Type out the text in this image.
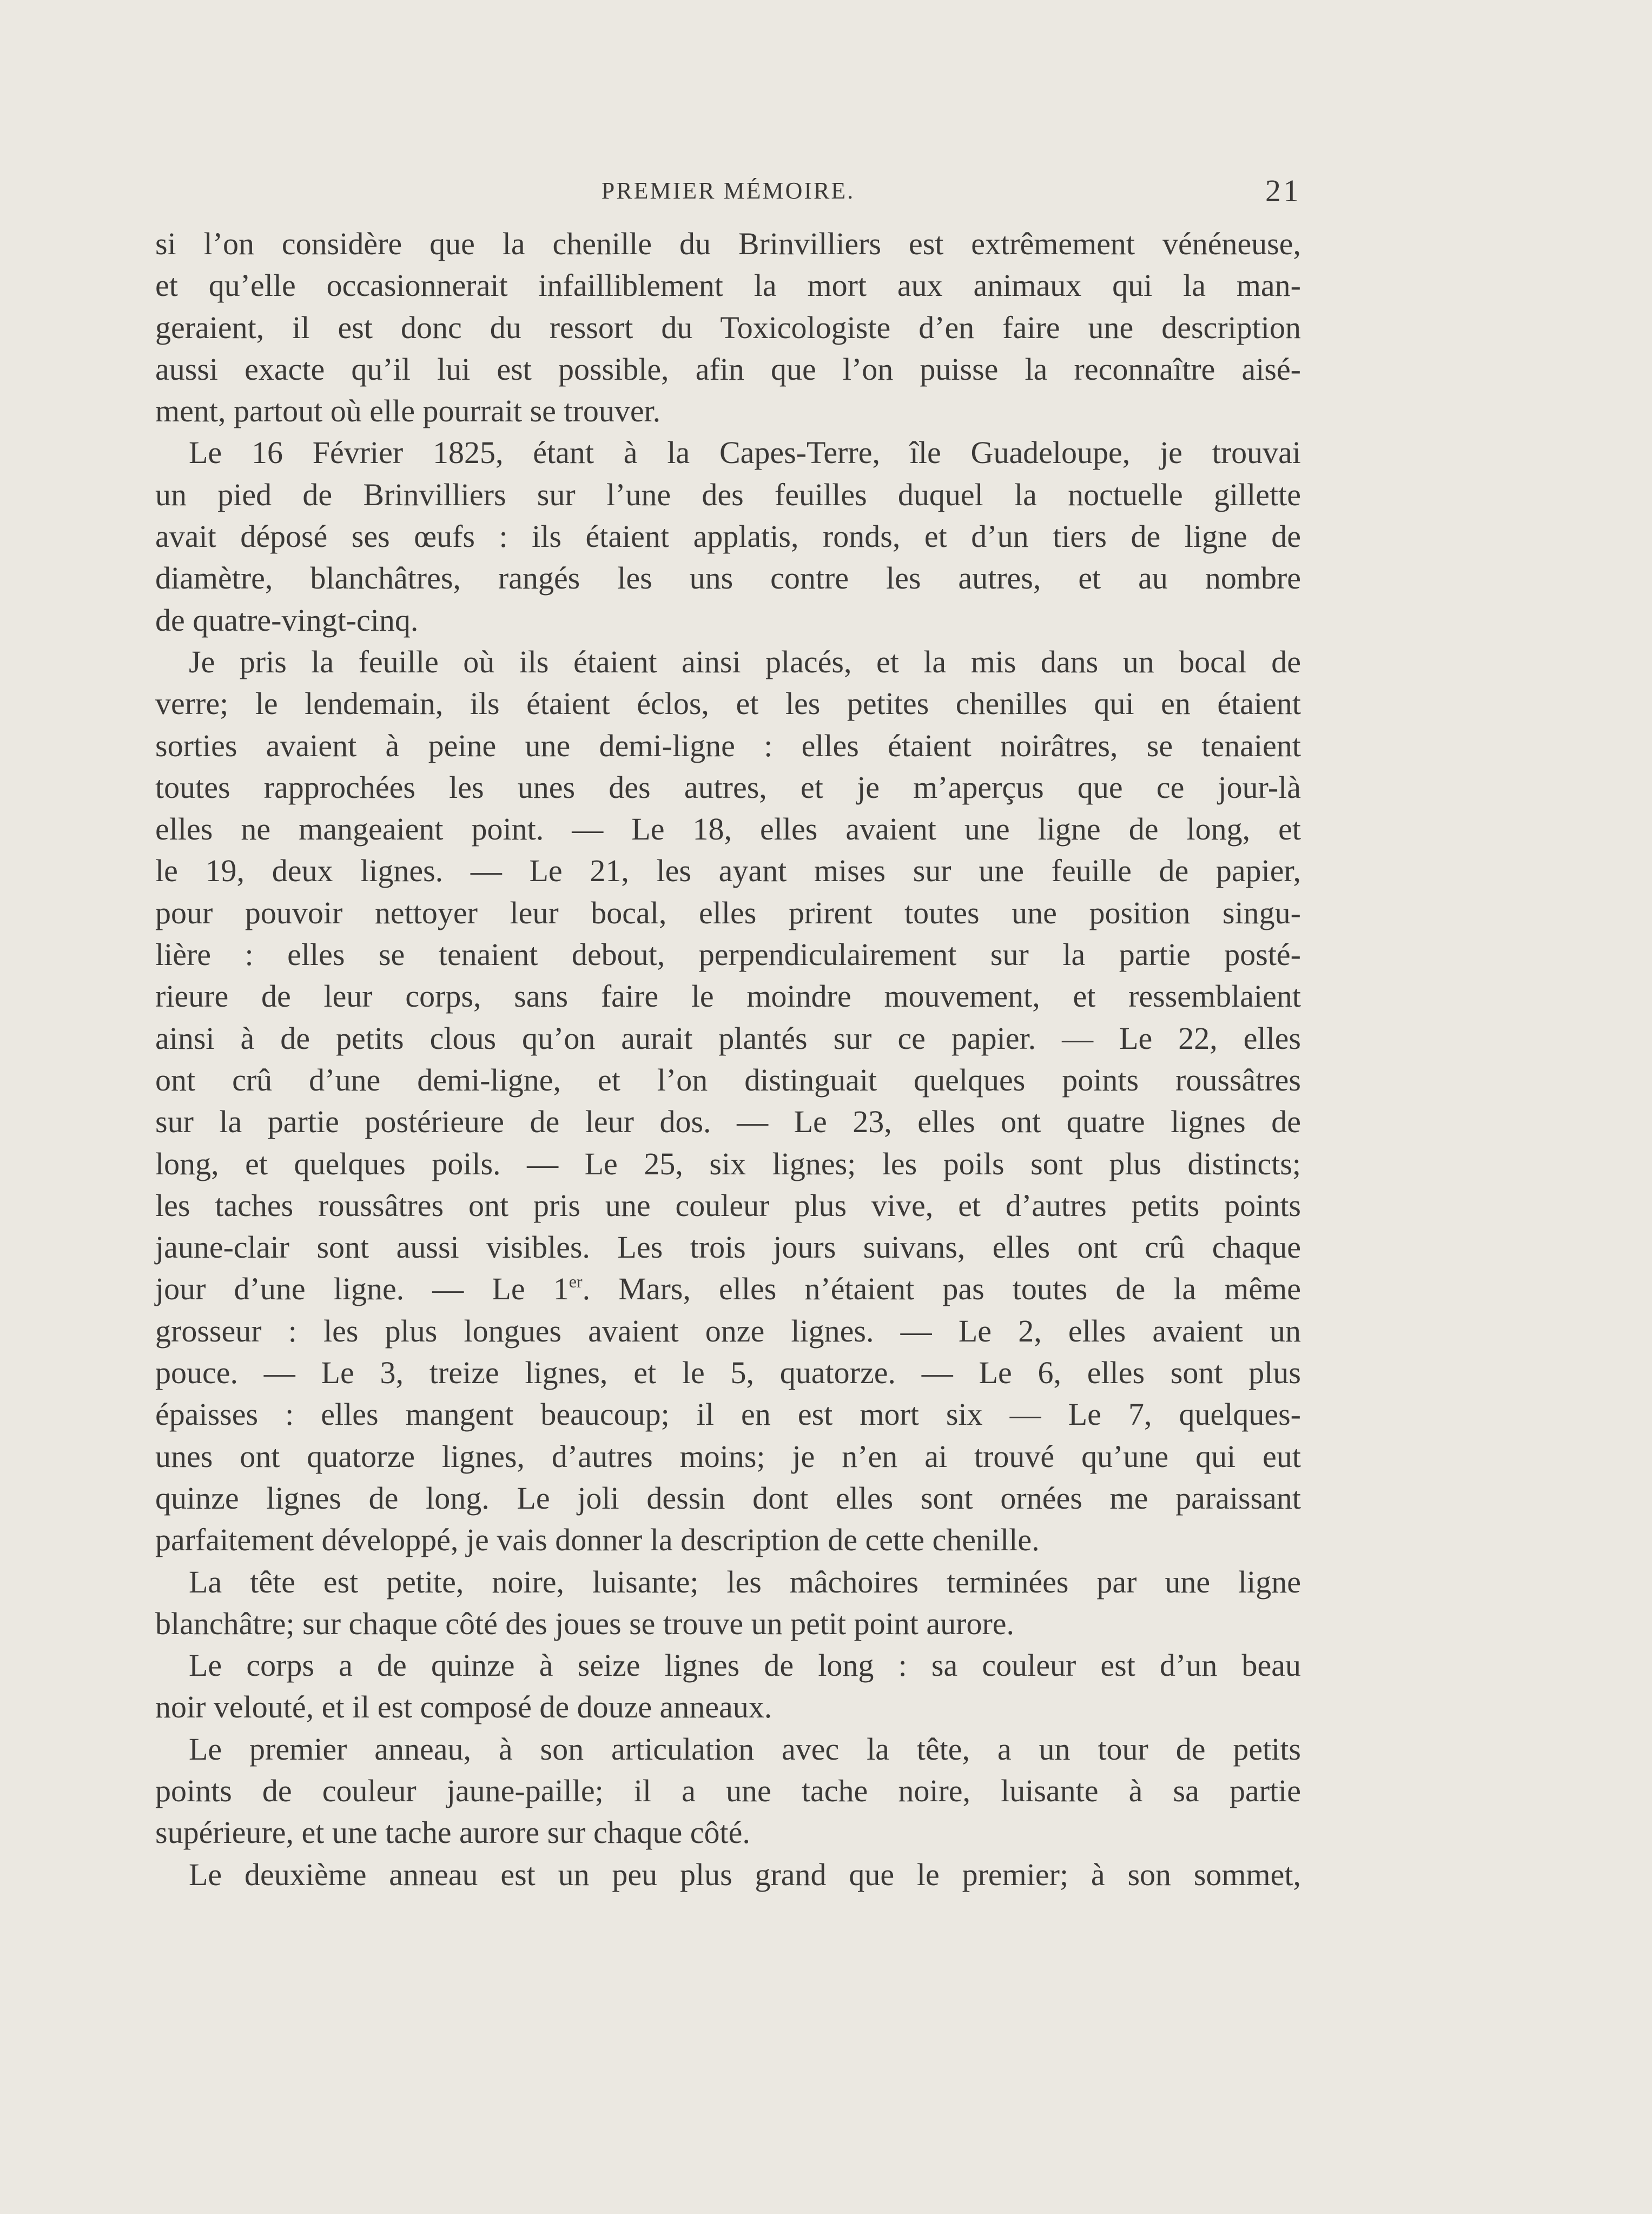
PREMIER MÉMOIRE.	21
si l’on considère que la chenille du Brinvilliers est extrêmement vénéneuse,
et qu’elle occasionnerait infailliblement la mort aux animaux qui la man-
geraient, il est donc du ressort du Toxicologiste d’en faire une description
aussi exacte qu’il lui est possible, afin que l’on puisse la reconnaître aisé-
ment, partout où elle pourrait se trouver.
Le 16 Février 1825, étant à la Capes-Terre, île Guadeloupe, je trouvai
un pied de Brinvilliers sur l’une des feuilles duquel la noctuelle gillette
avait déposé ses œufs : ils étaient applatis, ronds, et d’un tiers de ligne de
diamètre, blanchâtres, rangés les uns contre les autres, et au nombre
de quatre-vingt-cinq.
Je pris la feuille où ils étaient ainsi placés, et la mis dans un bocal de
verre; le lendemain, ils étaient éclos, et les petites chenilles qui en étaient
sorties avaient à peine une demi-ligne : elles étaient noirâtres, se tenaient
toutes rapprochées les unes des autres, et je m’aperçus que ce jour-là
elles ne mangeaient point. — Le 18, elles avaient une ligne de long, et
le 19, deux lignes. — Le 21, les ayant mises sur une feuille de papier,
pour pouvoir nettoyer leur bocal, elles prirent toutes une position singu-
lière : elles se tenaient debout, perpendiculairement sur la partie posté-
rieure de leur corps, sans faire le moindre mouvement, et ressemblaient
ainsi à de petits clous qu’on aurait plantés sur ce papier. — Le 22, elles
ont crû d’une demi-ligne, et l’on distinguait quelques points roussâtres
sur la partie postérieure de leur dos. — Le 23, elles ont quatre lignes de
long, et quelques poils. — Le 25, six lignes; les poils sont plus distincts;
les taches roussâtres ont pris une couleur plus vive, et d’autres petits points
jaune-clair sont aussi visibles. Les trois jours suivans, elles ont crû chaque
jour d’une ligne. — Le 1er. Mars, elles n’étaient pas toutes de la même
grosseur : les plus longues avaient onze lignes. — Le 2, elles avaient un
pouce. — Le 3, treize lignes, et le 5, quatorze. — Le 6, elles sont plus
épaisses : elles mangent beaucoup; il en est mort six — Le 7, quelques-
unes ont quatorze lignes, d’autres moins; je n’en ai trouvé qu’une qui eut
quinze lignes de long. Le joli dessin dont elles sont ornées me paraissant
parfaitement développé, je vais donner la description de cette chenille.
La tête est petite, noire, luisante; les mâchoires terminées par une ligne
blanchâtre; sur chaque côté des joues se trouve un petit point aurore.
Le corps a de quinze à seize lignes de long : sa couleur est d’un beau
noir velouté, et il est composé de douze anneaux.
Le premier anneau, à son articulation avec la tête, a un tour de petits
points de couleur jaune-paille; il a une tache noire, luisante à sa partie
supérieure, et une tache aurore sur chaque côté.
Le deuxième anneau est un peu plus grand que le premier; à son sommet,
